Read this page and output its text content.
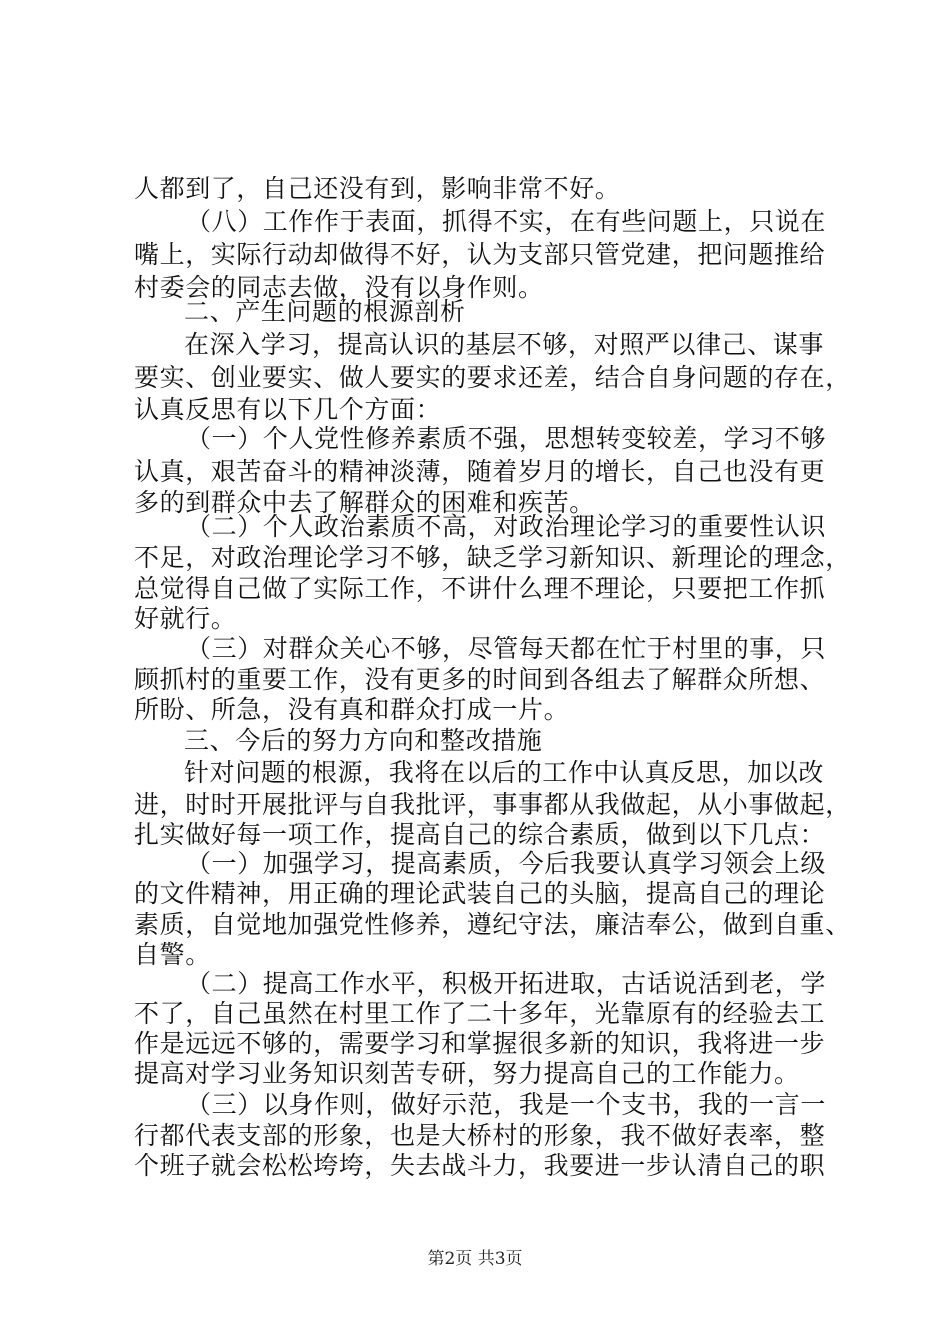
人都到了，自己还没有到，影响非常不好。
（八）工作作于表面，抓得不实，在有些问题上，只说在
嘴上，实际行动却做得不好，认为支部只管党建，把问题推给
村委会的同志去做，没有以身作则。
二、产生问题的根源剖析
在深入学习，提高认识的基层不够，对照严以律己、谋事
要实、创业要实、做人要实的要求还差，结合自身问题的存在，
认真反思有以下几个方面：
（一）个人党性修养素质不强，思想转变较差，学习不够
认真，艰苦奋斗的精神淡薄，随着岁月的增长，自己也没有更
多的到群众中去了解群众的困难和疾苦。
（二）个人政治素质不高，对政治理论学习的重要性认识
不足，对政治理论学习不够，缺乏学习新知识、新理论的理念，
总觉得自己做了实际工作，不讲什么理不理论，只要把工作抓
好就行。
（三）对群众关心不够，尽管每天都在忙于村里的事，只
顾抓村的重要工作，没有更多的时间到各组去了解群众所想、
所盼、所急，没有真和群众打成一片。
三、今后的努力方向和整改措施
针对问题的根源，我将在以后的工作中认真反思，加以改
进，时时开展批评与自我批评，事事都从我做起，从小事做起，
扎实做好每一项工作，提高自己的综合素质，做到以下几点：
（一）加强学习，提高素质，今后我要认真学习领会上级
的文件精神，用正确的理论武装自己的头脑，提高自己的理论
素质，自觉地加强党性修养，遵纪守法，廉洁奉公，做到自重、
自警。
（二）提高工作水平，积极开拓进取，古话说活到老，学
不了，自己虽然在村里工作了二十多年，光靠原有的经验去工
作是远远不够的，需要学习和掌握很多新的知识，我将进一步
提高对学习业务知识刻苦专研，努力提高自己的工作能力。
（三）以身作则，做好示范，我是一个支书，我的一言一
行都代表支部的形象，也是大桥村的形象，我不做好表率，整
个班子就会松松垮垮，失去战斗力，我要进一步认清自己的职
第2页 共3页
